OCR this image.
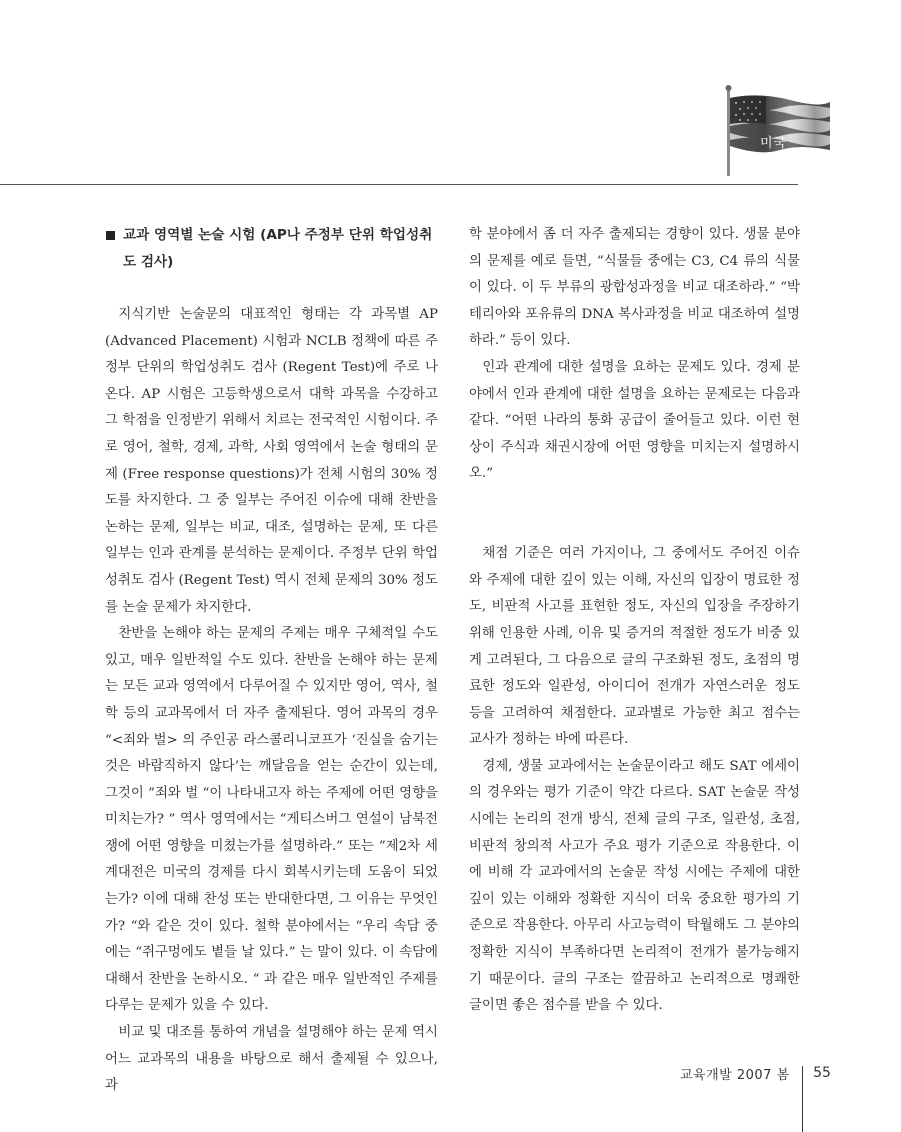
미국
교과 영역별 논술 시험 (AP나 주정부 단위 학업성취도 검사)

지식기반 논술문의 대표적인 형태는 각 과목별 AP (Advanced Placement) 시험과 NCLB 정책에 따른 주 정부 단위의 학업성취도 검사 (Regent Test)에 주로 나온다. AP 시험은 고등학생으로서 대학 과목을 수강하고 그 학점을 인정받기 위해서 치르는 전국적인 시험이다. 주로 영어, 철학, 경제, 과학, 사회 영역에서 논술 형태의 문제 (Free response questions)가 전체 시험의 30% 정도를 차지한다. 그 중 일부는 주어진 이슈에 대해 찬반을 논하는 문제, 일부는 비교, 대조, 설명하는 문제, 또 다른 일부는 인과 관계를 분석하는 문제이다. 주정부 단위 학업 성취도 검사 (Regent Test) 역시 전체 문제의 30% 정도를 논술 문제가 차지한다.

찬반을 논해야 하는 문제의 주제는 매우 구체적일 수도 있고, 매우 일반적일 수도 있다. 찬반을 논해야 하는 문제는 모든 교과 영역에서 다루어질 수 있지만 영어, 역사, 철학 등의 교과목에서 더 자주 출제된다. 영어 과목의 경우 “<죄와 벌> 의 주인공 라스콜리니코프가 ‘진실을 숨기는 것은 바람직하지 않다’는 깨달음을 얻는 순간이 있는데, 그것이 ”죄와 벌 “이 나타내고자 하는 주제에 어떤 영향을 미치는가? ” 역사 영역에서는 “게티스버그 연설이 남북전쟁에 어떤 영향을 미쳤는가를 설명하라.” 또는 ”제2차 세계대전은 미국의 경제를 다시 회복시키는데 도움이 되었는가? 이에 대해 찬성 또는 반대한다면, 그 이유는 무엇인가? “와 같은 것이 있다. 철학 분야에서는 “우리 속담 중에는 “쥐구멍에도 볕들 날 있다.” 는 말이 있다. 이 속담에 대해서 찬반을 논하시오. “ 과 같은 매우 일반적인 주제를 다루는 문제가 있을 수 있다.

비교 및 대조를 통하여 개념을 설명해야 하는 문제 역시 어느 교과목의 내용을 바탕으로 해서 출제될 수 있으나, 과

학 분야에서 좀 더 자주 출제되는 경향이 있다. 생물 분야의 문제를 예로 들면, “식물들 중에는 C3, C4 류의 식물이 있다. 이 두 부류의 광합성과정을 비교 대조하라.” “박테리아와 포유류의 DNA 복사과정을 비교 대조하여 설명하라.” 등이 있다.

인과 관계에 대한 설명을 요하는 문제도 있다. 경제 분야에서 인과 관계에 대한 설명을 요하는 문제로는 다음과 같다. “어떤 나라의 통화 공급이 줄어들고 있다. 이런 현상이 주식과 채권시장에 어떤 영향을 미치는지 설명하시오.”

채점 기준은 여러 가지이나, 그 중에서도 주어진 이슈와 주제에 대한 깊이 있는 이해, 자신의 입장이 명료한 정도, 비판적 사고를 표현한 정도, 자신의 입장을 주장하기 위해 인용한 사례, 이유 및 증거의 적절한 정도가 비중 있게 고려된다, 그 다음으로 글의 구조화된 정도, 초점의 명료한 정도와 일관성, 아이디어 전개가 자연스러운 정도 등을 고려하여 채점한다. 교과별로 가능한 최고 점수는 교사가 정하는 바에 따른다.

경제, 생물 교과에서는 논술문이라고 해도 SAT 에세이의 경우와는 평가 기준이 약간 다르다. SAT 논술문 작성 시에는 논리의 전개 방식, 전체 글의 구조, 일관성, 초점, 비판적 창의적 사고가 주요 평가 기준으로 작용한다. 이에 비해 각 교과에서의 논술문 작성 시에는 주제에 대한 깊이 있는 이해와 정확한 지식이 더욱 중요한 평가의 기준으로 작용한다. 아무리 사고능력이 탁월해도 그 분야의 정확한 지식이 부족하다면 논리적이 전개가 불가능해지기 때문이다. 글의 구조는 깔끔하고 논리적으로 명쾌한 글이면 좋은 점수를 받을 수 있다.

교육개발 2007 봄 55
